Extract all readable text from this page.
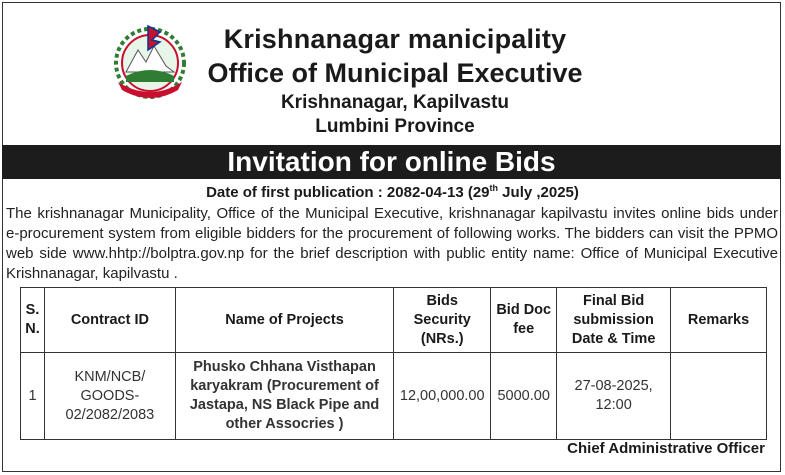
Krishnanagar manicipality
Office of Municipal Executive
Krishnanagar, Kapilvastu
Lumbini Province
Invitation for online Bids
Date of first publication : 2082-04-13 (29th July ,2025)
The krishnanagar Municipality, Office of the Municipal Executive, krishnanagar kapilvastu invites online bids under e-procurement system from eligible bidders for the procurement of following works. The bidders can visit the PPMO web side www.hhtp://bolptra.gov.np for the brief description with public entity name: Office of Municipal Executive Krishnanagar, kapilvastu .
S. N.	Contract ID	Name of Projects	Bids Security (NRs.)	Bid Doc fee	Final Bid submission Date & Time	Remarks
1	KNM/NCB/ GOODS- 02/2082/2083	Phusko Chhana Visthapan karyakram (Procurement of Jastapa, NS Black Pipe and other Assocries )	12,00,000.00	5000.00	27-08-2025, 12:00	
Chief Administrative Officer
